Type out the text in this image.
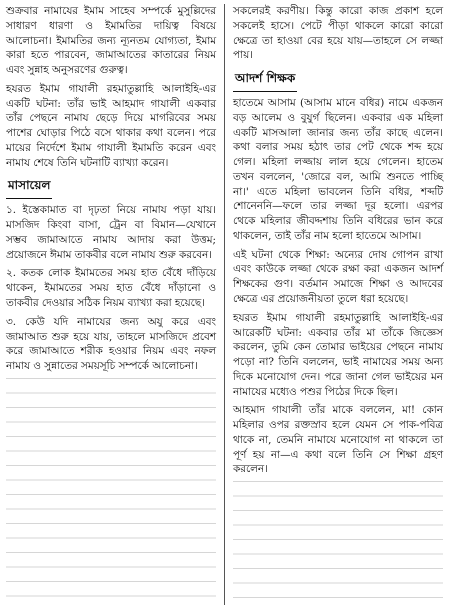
শুক্রবার নামাযের ইমাম সাহেব সম্পর্কে মুসুল্লিদের সাধারণ ধারণা ও ইমামতির দায়িত্ব বিষয়ে আলোচনা। ইমামতির জন্য ন্যূনতম যোগ্যতা, ইমাম কারা হতে পারবেন, জামাআতের কাতারের নিয়ম এবং সুন্নাহ অনুসরণের গুরুত্ব।

হযরত ইমাম গাযালী রহমাতুল্লাহি আলাইহি-এর একটি ঘটনা: তাঁর ভাই আহমাদ গাযালী একবার তাঁর পেছনে নামায ছেড়ে দিয়ে মাগরিবের সময় পাশের ঘোড়ার পিঠে বসে থাকার কথা বলেন। পরে মায়ের নির্দেশে ইমাম গাযালী ইমামতি করেন এবং নামায শেষে তিনি ঘটনাটি ব্যাখ্যা করেন।

মাসায়েল

১. ইস্তেকামাত বা দৃঢ়তা নিয়ে নামায পড়া যায়। মাসজিদ কিংবা বাসা, ট্রেন বা বিমান—যেখানে সম্ভব জামাআতে নামায আদায় করা উত্তম; প্রয়োজনে ঈমাম তাকবীর বলে নামায শুরু করবেন।

২. কতক লোক ইমামতের সময় হাত বেঁধে দাঁড়িয়ে থাকেন, ইমামতের সময় হাত বেঁধে দাঁড়ানো ও তাকবীর দেওয়ার সঠিক নিয়ম ব্যাখ্যা করা হয়েছে।

৩. কেউ যদি নামাযের জন্য অযু করে এবং জামাআত শুরু হয়ে যায়, তাহলে মাসজিদে প্রবেশ করে জামাআতে শরীক হওয়ার নিয়ম এবং নফল নামায ও সুন্নাতের সময়সূচি সম্পর্কে আলোচনা।

সকলেরই করণীয়। কিন্তু কারো কাজ প্রকাশ হলে সকলেই হাসে। পেটে পীড়া থাকলে কারো কারো ক্ষেত্রে তা হাওয়া বের হয়ে যায়—তাহলে সে লজ্জা পায়।

আদর্শ শিক্ষক

হাতেমে আসাম (আসাম মানে বধির) নামে একজন বড় আলেম ও বুযুর্গ ছিলেন। একবার এক মহিলা একটি মাসআলা জানার জন্য তাঁর কাছে এলেন। কথা বলার সময় হঠাৎ তার পেট থেকে শব্দ হয়ে গেল। মহিলা লজ্জায় লাল হয়ে গেলেন। হাতেম তখন বললেন, 'জোরে বল, আমি শুনতে পাচ্ছি না।' এতে মহিলা ভাবলেন তিনি বধির, শব্দটি শোনেননি—ফলে তার লজ্জা দূর হলো। এরপর থেকে মহিলার জীবদ্দশায় তিনি বধিরের ভান করে থাকলেন, তাই তাঁর নাম হলো হাতেমে আসাম।

এই ঘটনা থেকে শিক্ষা: অন্যের দোষ গোপন রাখা এবং কাউকে লজ্জা থেকে রক্ষা করা একজন আদর্শ শিক্ষকের গুণ। বর্তমান সমাজে শিক্ষা ও আদবের ক্ষেত্রে এর প্রয়োজনীয়তা তুলে ধরা হয়েছে।

হযরত ইমাম গাযালী রহমাতুল্লাহি আলাইহি-এর আরেকটি ঘটনা: একবার তাঁর মা তাঁকে জিজ্ঞেস করলেন, তুমি কেন তোমার ভাইয়ের পেছনে নামায পড়ো না? তিনি বললেন, ভাই নামাযের সময় অন্য দিকে মনোযোগ দেন। পরে জানা গেল ভাইয়ের মন নামাযের মধ্যেও পশুর পিঠের দিকে ছিল।

আহমাদ গাযালী তাঁর মাকে বললেন, মা! কোন মহিলার ওপর রক্তস্রাব হলে যেমন সে পাক-পবিত্র থাকে না, তেমনি নামাযে মনোযোগ না থাকলে তা পূর্ণ হয় না—এ কথা বলে তিনি সে শিক্ষা গ্রহণ করলেন।
